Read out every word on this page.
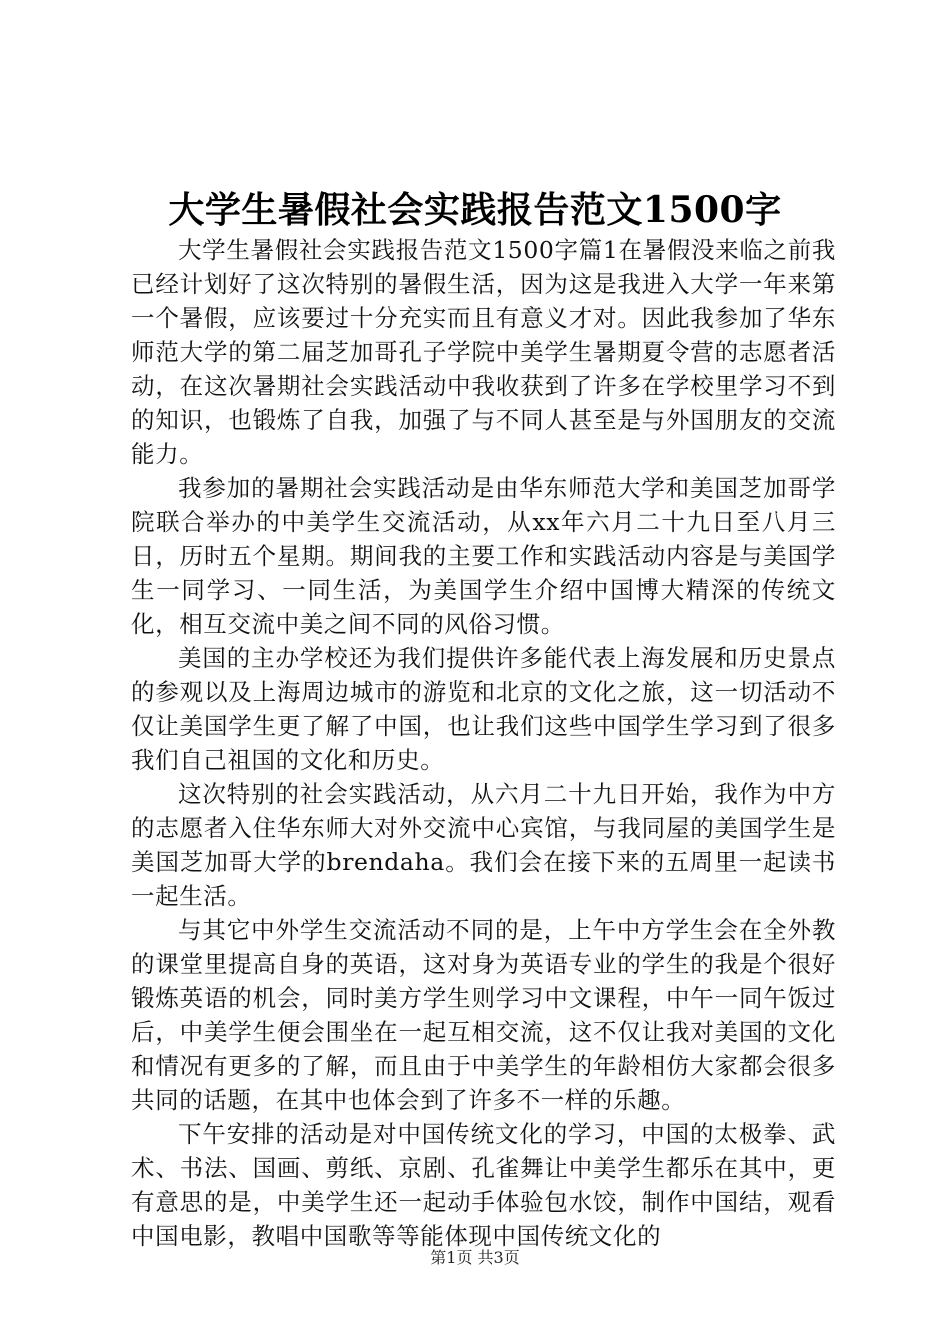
大学生暑假社会实践报告范文1500字

大学生暑假社会实践报告范文1500字篇1在暑假没来临之前我已经计划好了这次特别的暑假生活，因为这是我进入大学一年来第一个暑假，应该要过十分充实而且有意义才对。因此我参加了华东师范大学的第二届芝加哥孔子学院中美学生暑期夏令营的志愿者活动，在这次暑期社会实践活动中我收获到了许多在学校里学习不到的知识，也锻炼了自我，加强了与不同人甚至是与外国朋友的交流能力。

我参加的暑期社会实践活动是由华东师范大学和美国芝加哥学院联合举办的中美学生交流活动，从xx年六月二十九日至八月三日，历时五个星期。期间我的主要工作和实践活动内容是与美国学生一同学习、一同生活，为美国学生介绍中国博大精深的传统文化，相互交流中美之间不同的风俗习惯。

美国的主办学校还为我们提供许多能代表上海发展和历史景点的参观以及上海周边城市的游览和北京的文化之旅，这一切活动不仅让美国学生更了解了中国，也让我们这些中国学生学习到了很多我们自己祖国的文化和历史。

这次特别的社会实践活动，从六月二十九日开始，我作为中方的志愿者入住华东师大对外交流中心宾馆，与我同屋的美国学生是美国芝加哥大学的brendaha。我们会在接下来的五周里一起读书一起生活。

与其它中外学生交流活动不同的是，上午中方学生会在全外教的课堂里提高自身的英语，这对身为英语专业的学生的我是个很好锻炼英语的机会，同时美方学生则学习中文课程，中午一同午饭过后，中美学生便会围坐在一起互相交流，这不仅让我对美国的文化和情况有更多的了解，而且由于中美学生的年龄相仿大家都会很多共同的话题，在其中也体会到了许多不一样的乐趣。

下午安排的活动是对中国传统文化的学习，中国的太极拳、武术、书法、国画、剪纸、京剧、孔雀舞让中美学生都乐在其中，更有意思的是，中美学生还一起动手体验包水饺，制作中国结，观看中国电影，教唱中国歌等等能体现中国传统文化的

第1页 共3页
